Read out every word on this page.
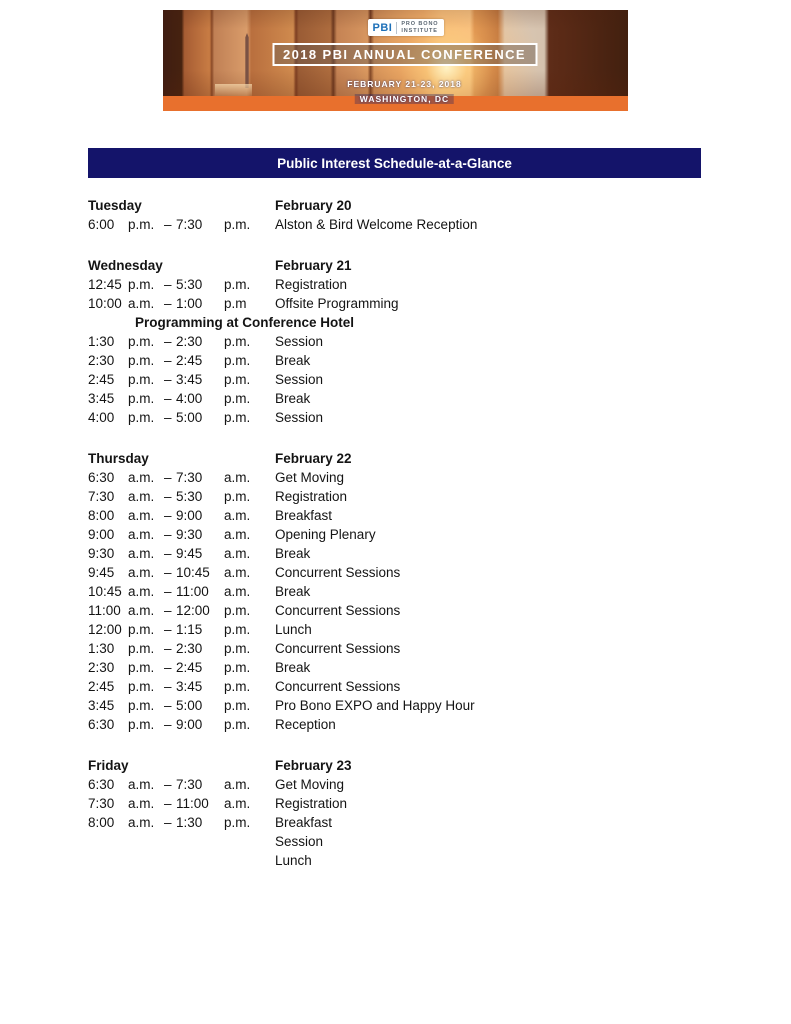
PBI PRO BONO
INSTITUTE
2018 PBI ANNUAL CONFERENCE
FEBRUARY 21-23, 2018
WASHINGTON, DC
Public Interest Schedule-at-a-Glance
Tuesday	February 20
6:00	p.m. – 7:30	p.m.	Alston & Bird Welcome Reception
Wednesday	February 21
12:45 p.m. – 5:30	p.m.	Registration
10:00 a.m. – 1:00	p.m	Offsite Programming
Programming at Conference Hotel
1:30	p.m. – 2:30	p.m.	Session
2:30	p.m. – 2:45	p.m.	Break
2:45	p.m. – 3:45	p.m.	Session
3:45	p.m. – 4:00	p.m.	Break
4:00	p.m. – 5:00	p.m.	Session
Thursday	February 22
6:30	a.m. – 7:30	a.m.	Get Moving
7:30	a.m. – 5:30	p.m.	Registration
8:00	a.m. – 9:00	a.m.	Breakfast
9:00	a.m. – 9:30	a.m.	Opening Plenary
9:30	a.m. – 9:45	a.m.	Break
9:45	a.m. – 10:45	a.m.	Concurrent Sessions
10:45 a.m. – 11:00	a.m.	Break
11:00 a.m. – 12:00	p.m.	Concurrent Sessions
12:00 p.m. – 1:15	p.m.	Lunch
1:30	p.m. – 2:30	p.m.	Concurrent Sessions
2:30	p.m. – 2:45	p.m.	Break
2:45	p.m. – 3:45	p.m.	Concurrent Sessions
3:45	p.m. – 5:00	p.m.	Pro Bono EXPO and Happy Hour
6:30	p.m. – 9:00	p.m.	Reception
Friday	February 23
6:30	a.m. – 7:30	a.m.	Get Moving
7:30	a.m. – 11:00	a.m.	Registration
8:00	a.m. – 1:30	p.m.	Breakfast
Session
Lunch
